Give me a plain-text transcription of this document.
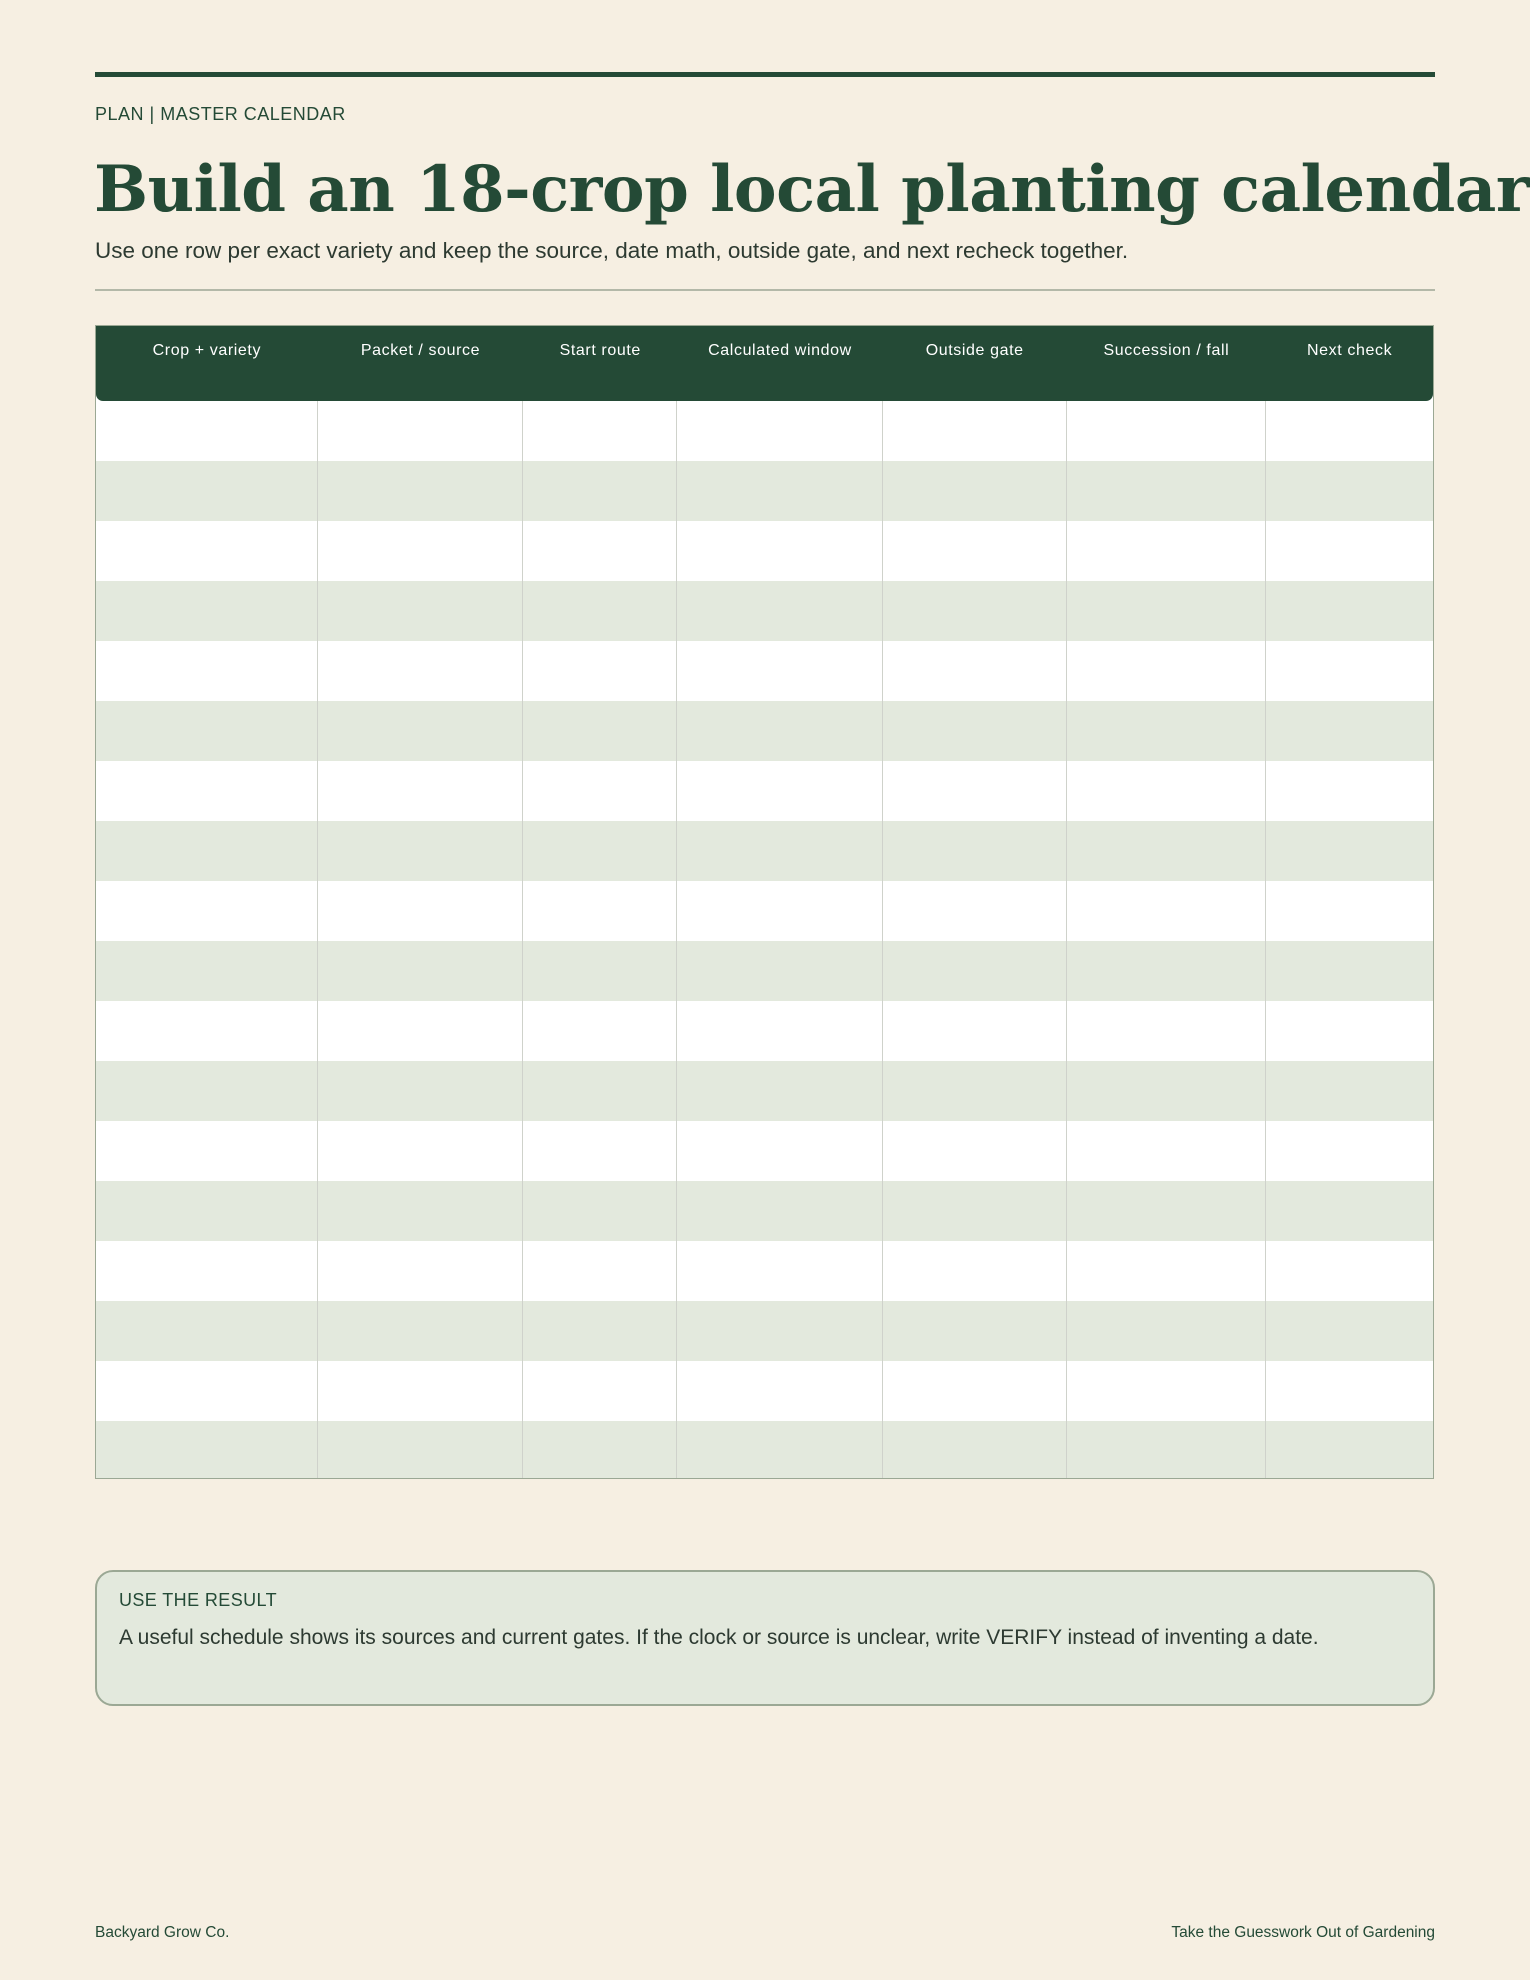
PLAN | MASTER CALENDAR
Build an 18-crop local planting calendar
Use one row per exact variety and keep the source, date math, outside gate, and next recheck together.
Crop + variety	Packet / source	Start route	Calculated window	Outside gate	Succession / fall	Next check
USE THE RESULT
A useful schedule shows its sources and current gates. If the clock or source is unclear, write VERIFY instead of inventing a date.
Backyard Grow Co.	Take the Guesswork Out of Gardening
